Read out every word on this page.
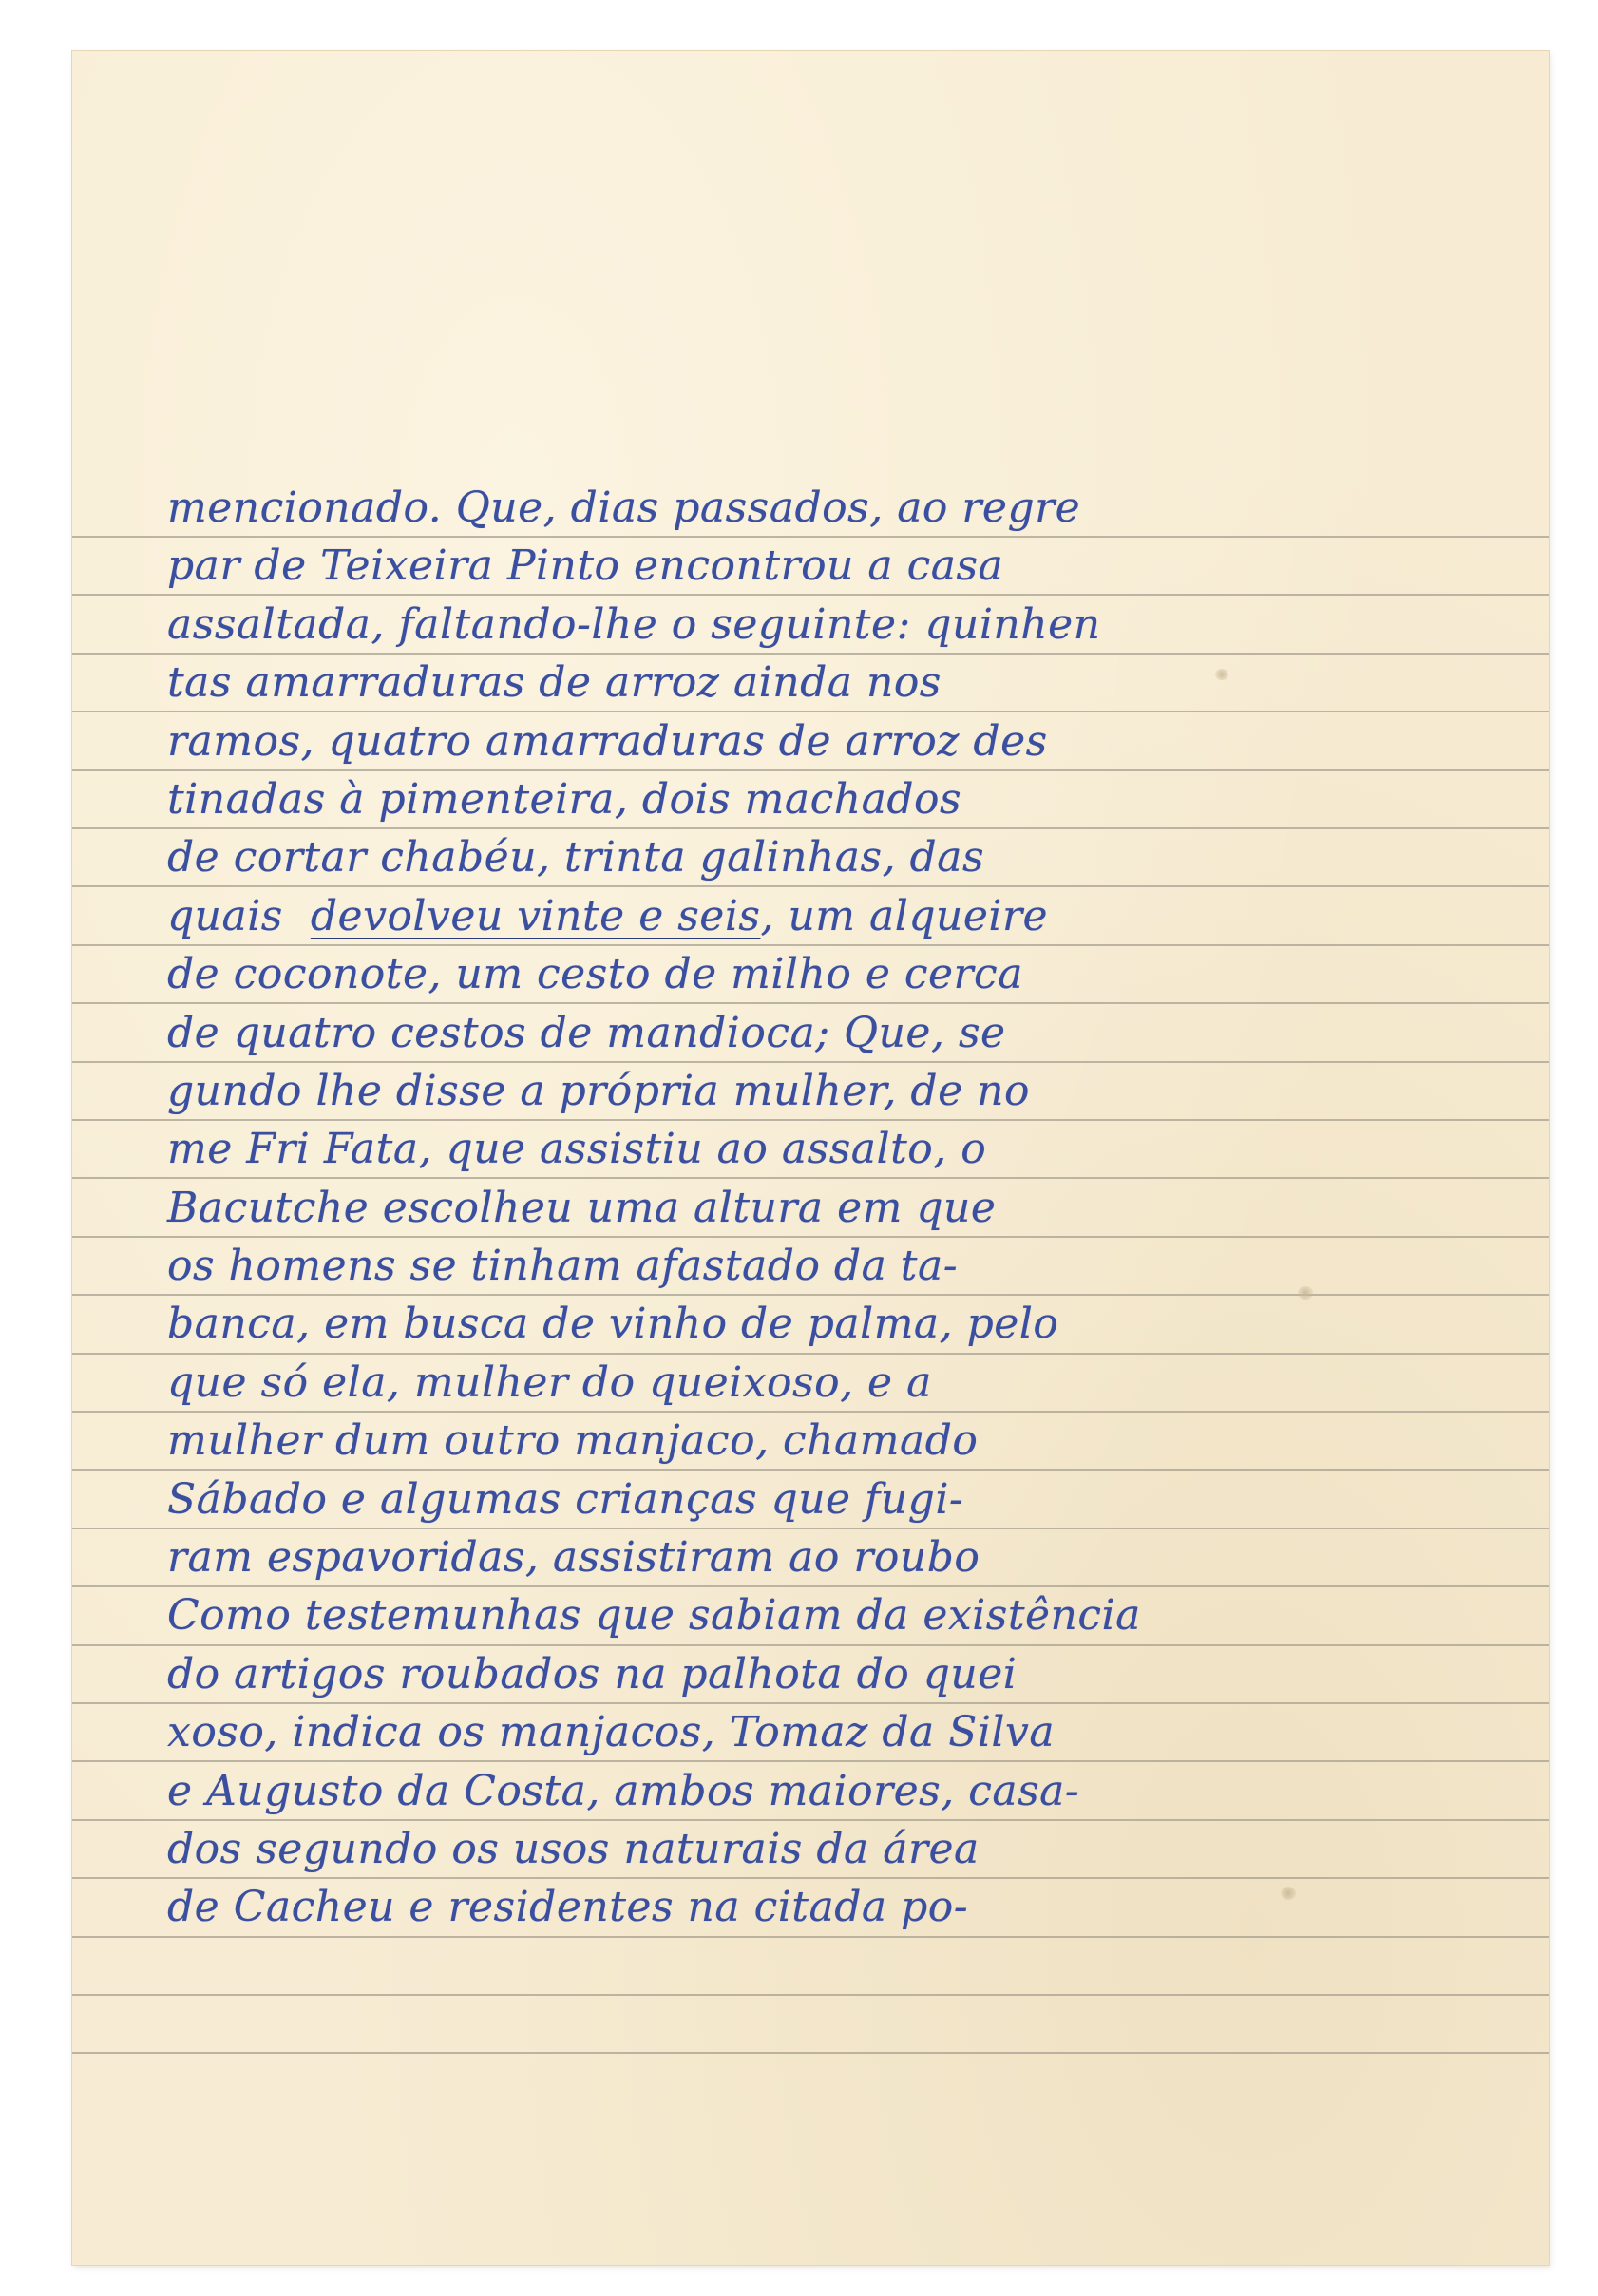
mencionado. Que, dias passados, ao regre
par de Teixeira Pinto encontrou a casa
assaltada, faltando-lhe o seguinte: quinhen
tas amarraduras de arroz ainda nos
ramos, quatro amarraduras de arroz des
tinadas à pimenteira, dois machados
de cortar chabéu, trinta galinhas, das
quais devolveu vinte e seis, um alqueire
de coconote, um cesto de milho e cerca
de quatro cestos de mandioca; Que, se
gundo lhe disse a própria mulher, de no
me Fri Fata, que assistiu ao assalto, o
Bacutche escolheu uma altura em que
os homens se tinham afastado da ta-
banca, em busca de vinho de palma, pelo
que só ela, mulher do queixoso, e a
mulher dum outro manjaco, chamado
Sábado e algumas crianças que fugi-
ram espavoridas, assistiram ao roubo
Como testemunhas que sabiam da existência
do artigos roubados na palhota do quei
xoso, indica os manjacos, Tomaz da Silva
e Augusto da Costa, ambos maiores, casa-
dos segundo os usos naturais da área
de Cacheu e residentes na citada po-
